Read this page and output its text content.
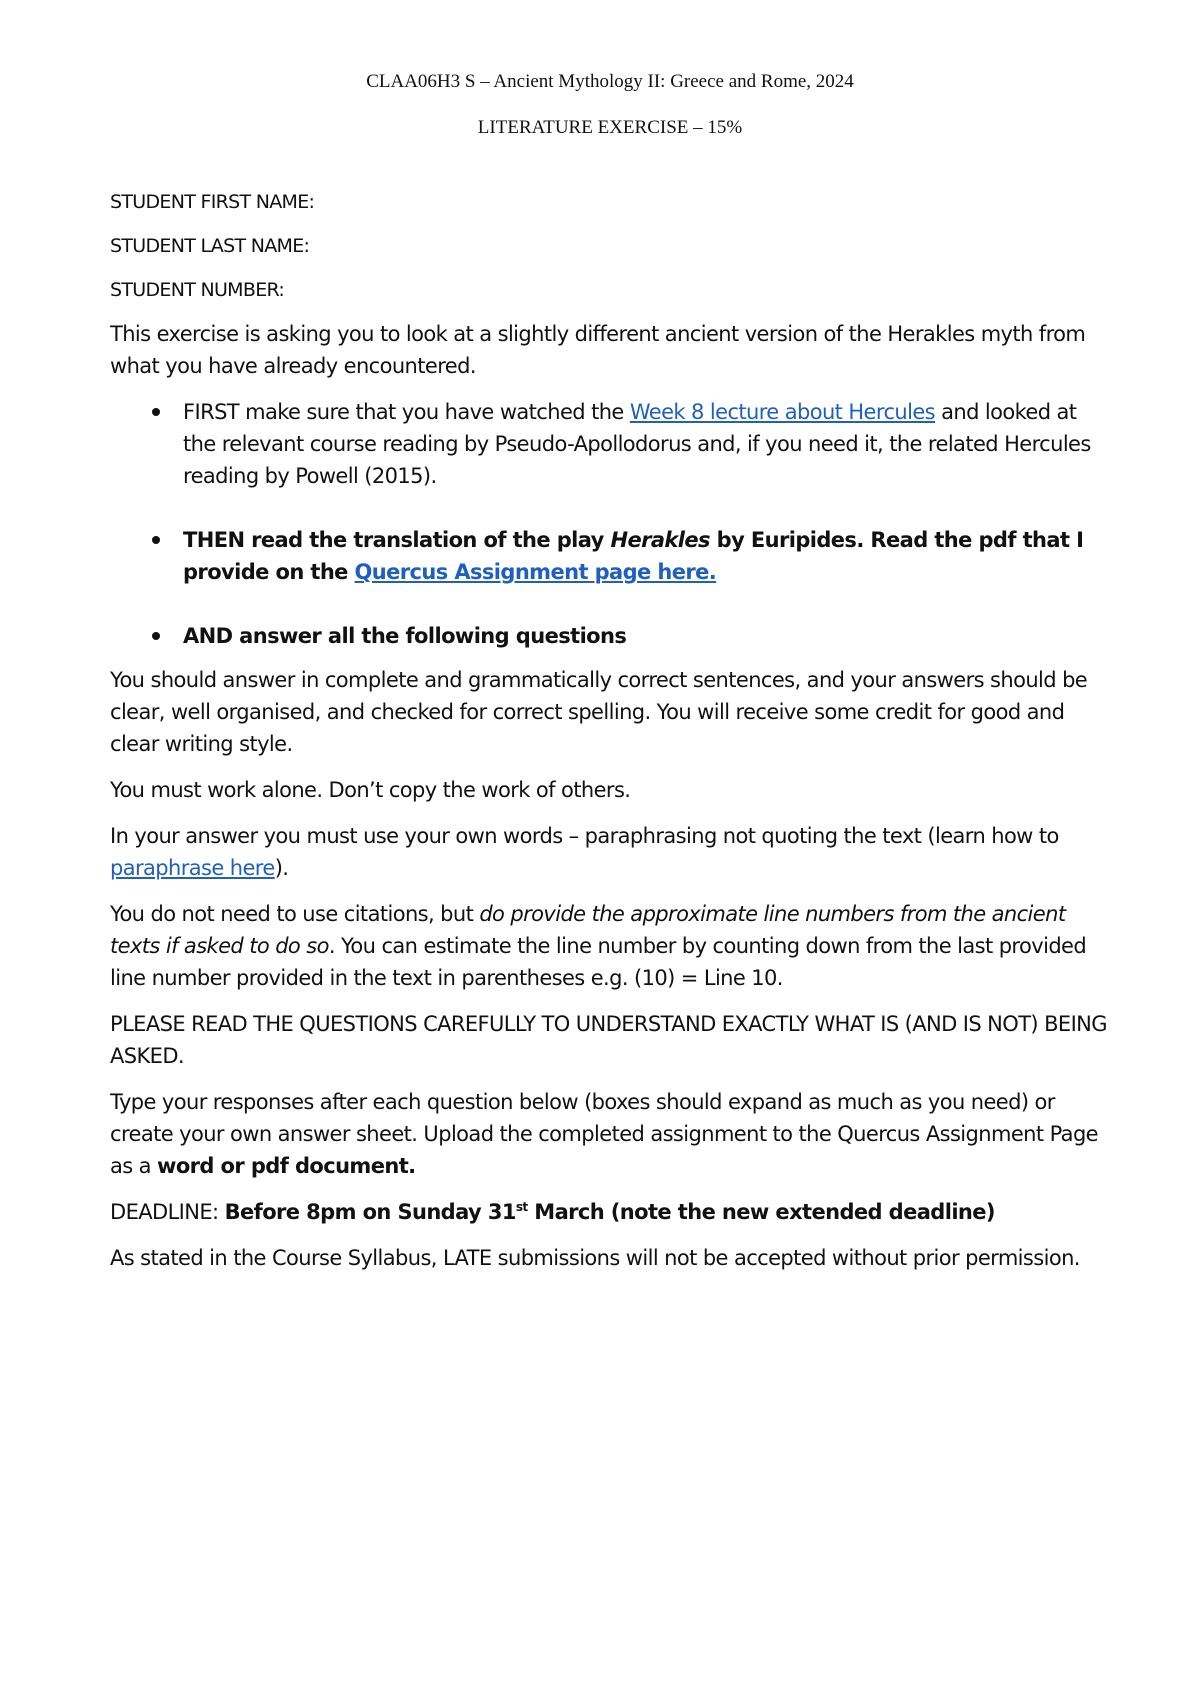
CLAA06H3 S – Ancient Mythology II: Greece and Rome, 2024

LITERATURE EXERCISE – 15%

STUDENT FIRST NAME:

STUDENT LAST NAME:

STUDENT NUMBER:

This exercise is asking you to look at a slightly different ancient version of the Herakles myth from what you have already encountered.

FIRST make sure that you have watched the Week 8 lecture about Hercules and looked at the relevant course reading by Pseudo-Apollodorus and, if you need it, the related Hercules reading by Powell (2015).
THEN read the translation of the play Herakles by Euripides. Read the pdf that I provide on the Quercus Assignment page here.
AND answer all the following questions

You should answer in complete and grammatically correct sentences, and your answers should be clear, well organised, and checked for correct spelling. You will receive some credit for good and clear writing style.

You must work alone. Don’t copy the work of others.

In your answer you must use your own words – paraphrasing not quoting the text (learn how to paraphrase here).

You do not need to use citations, but do provide the approximate line numbers from the ancient texts if asked to do so. You can estimate the line number by counting down from the last provided line number provided in the text in parentheses e.g. (10) = Line 10.

PLEASE READ THE QUESTIONS CAREFULLY TO UNDERSTAND EXACTLY WHAT IS (AND IS NOT) BEING ASKED.

Type your responses after each question below (boxes should expand as much as you need) or create your own answer sheet. Upload the completed assignment to the Quercus Assignment Page as a word or pdf document.

DEADLINE: Before 8pm on Sunday 31st March (note the new extended deadline)

As stated in the Course Syllabus, LATE submissions will not be accepted without prior permission.
